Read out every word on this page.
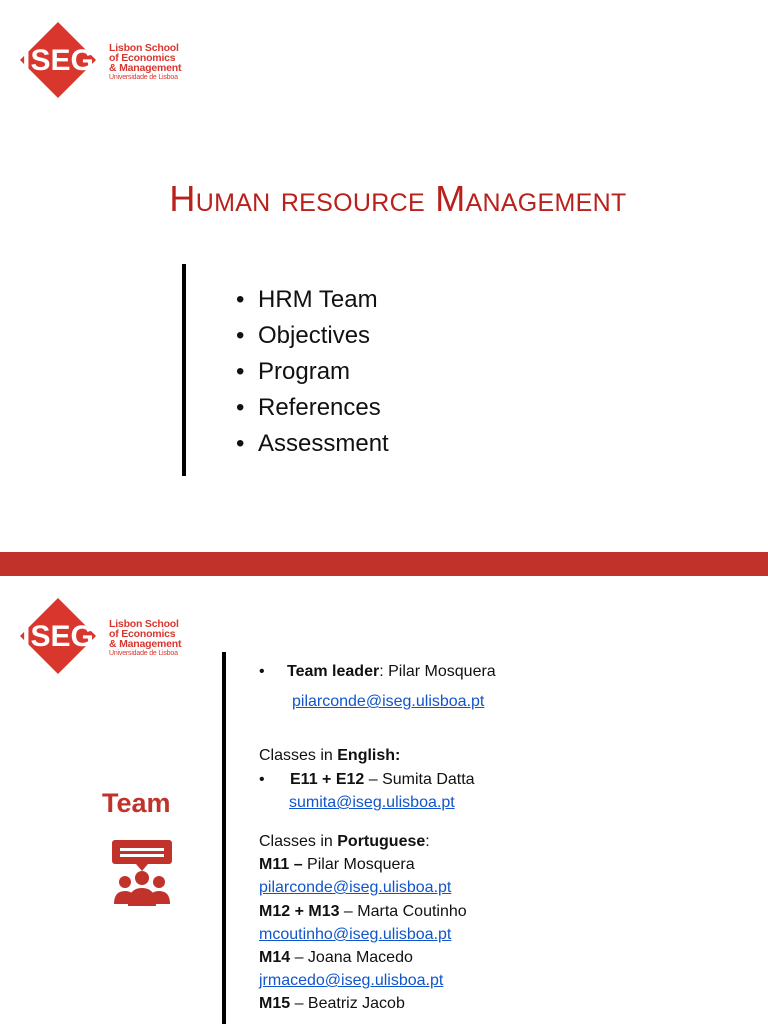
ISEG Lisbon School
of Economics
& Management
Universidade de Lisboa
Human resource Management
• HRM Team
• Objectives
• Program
• References
• Assessment
ISEG Lisbon School
of Economics
& Management
Universidade de Lisboa
Team
• Team leader: Pilar Mosquera
pilarconde@iseg.ulisboa.pt
Classes in English:
• E11 + E12 – Sumita Datta
sumita@iseg.ulisboa.pt
Classes in Portuguese:
M11 – Pilar Mosquera
pilarconde@iseg.ulisboa.pt
M12 + M13 – Marta Coutinho
mcoutinho@iseg.ulisboa.pt
M14 – Joana Macedo
jrmacedo@iseg.ulisboa.pt
M15 – Beatriz Jacob
